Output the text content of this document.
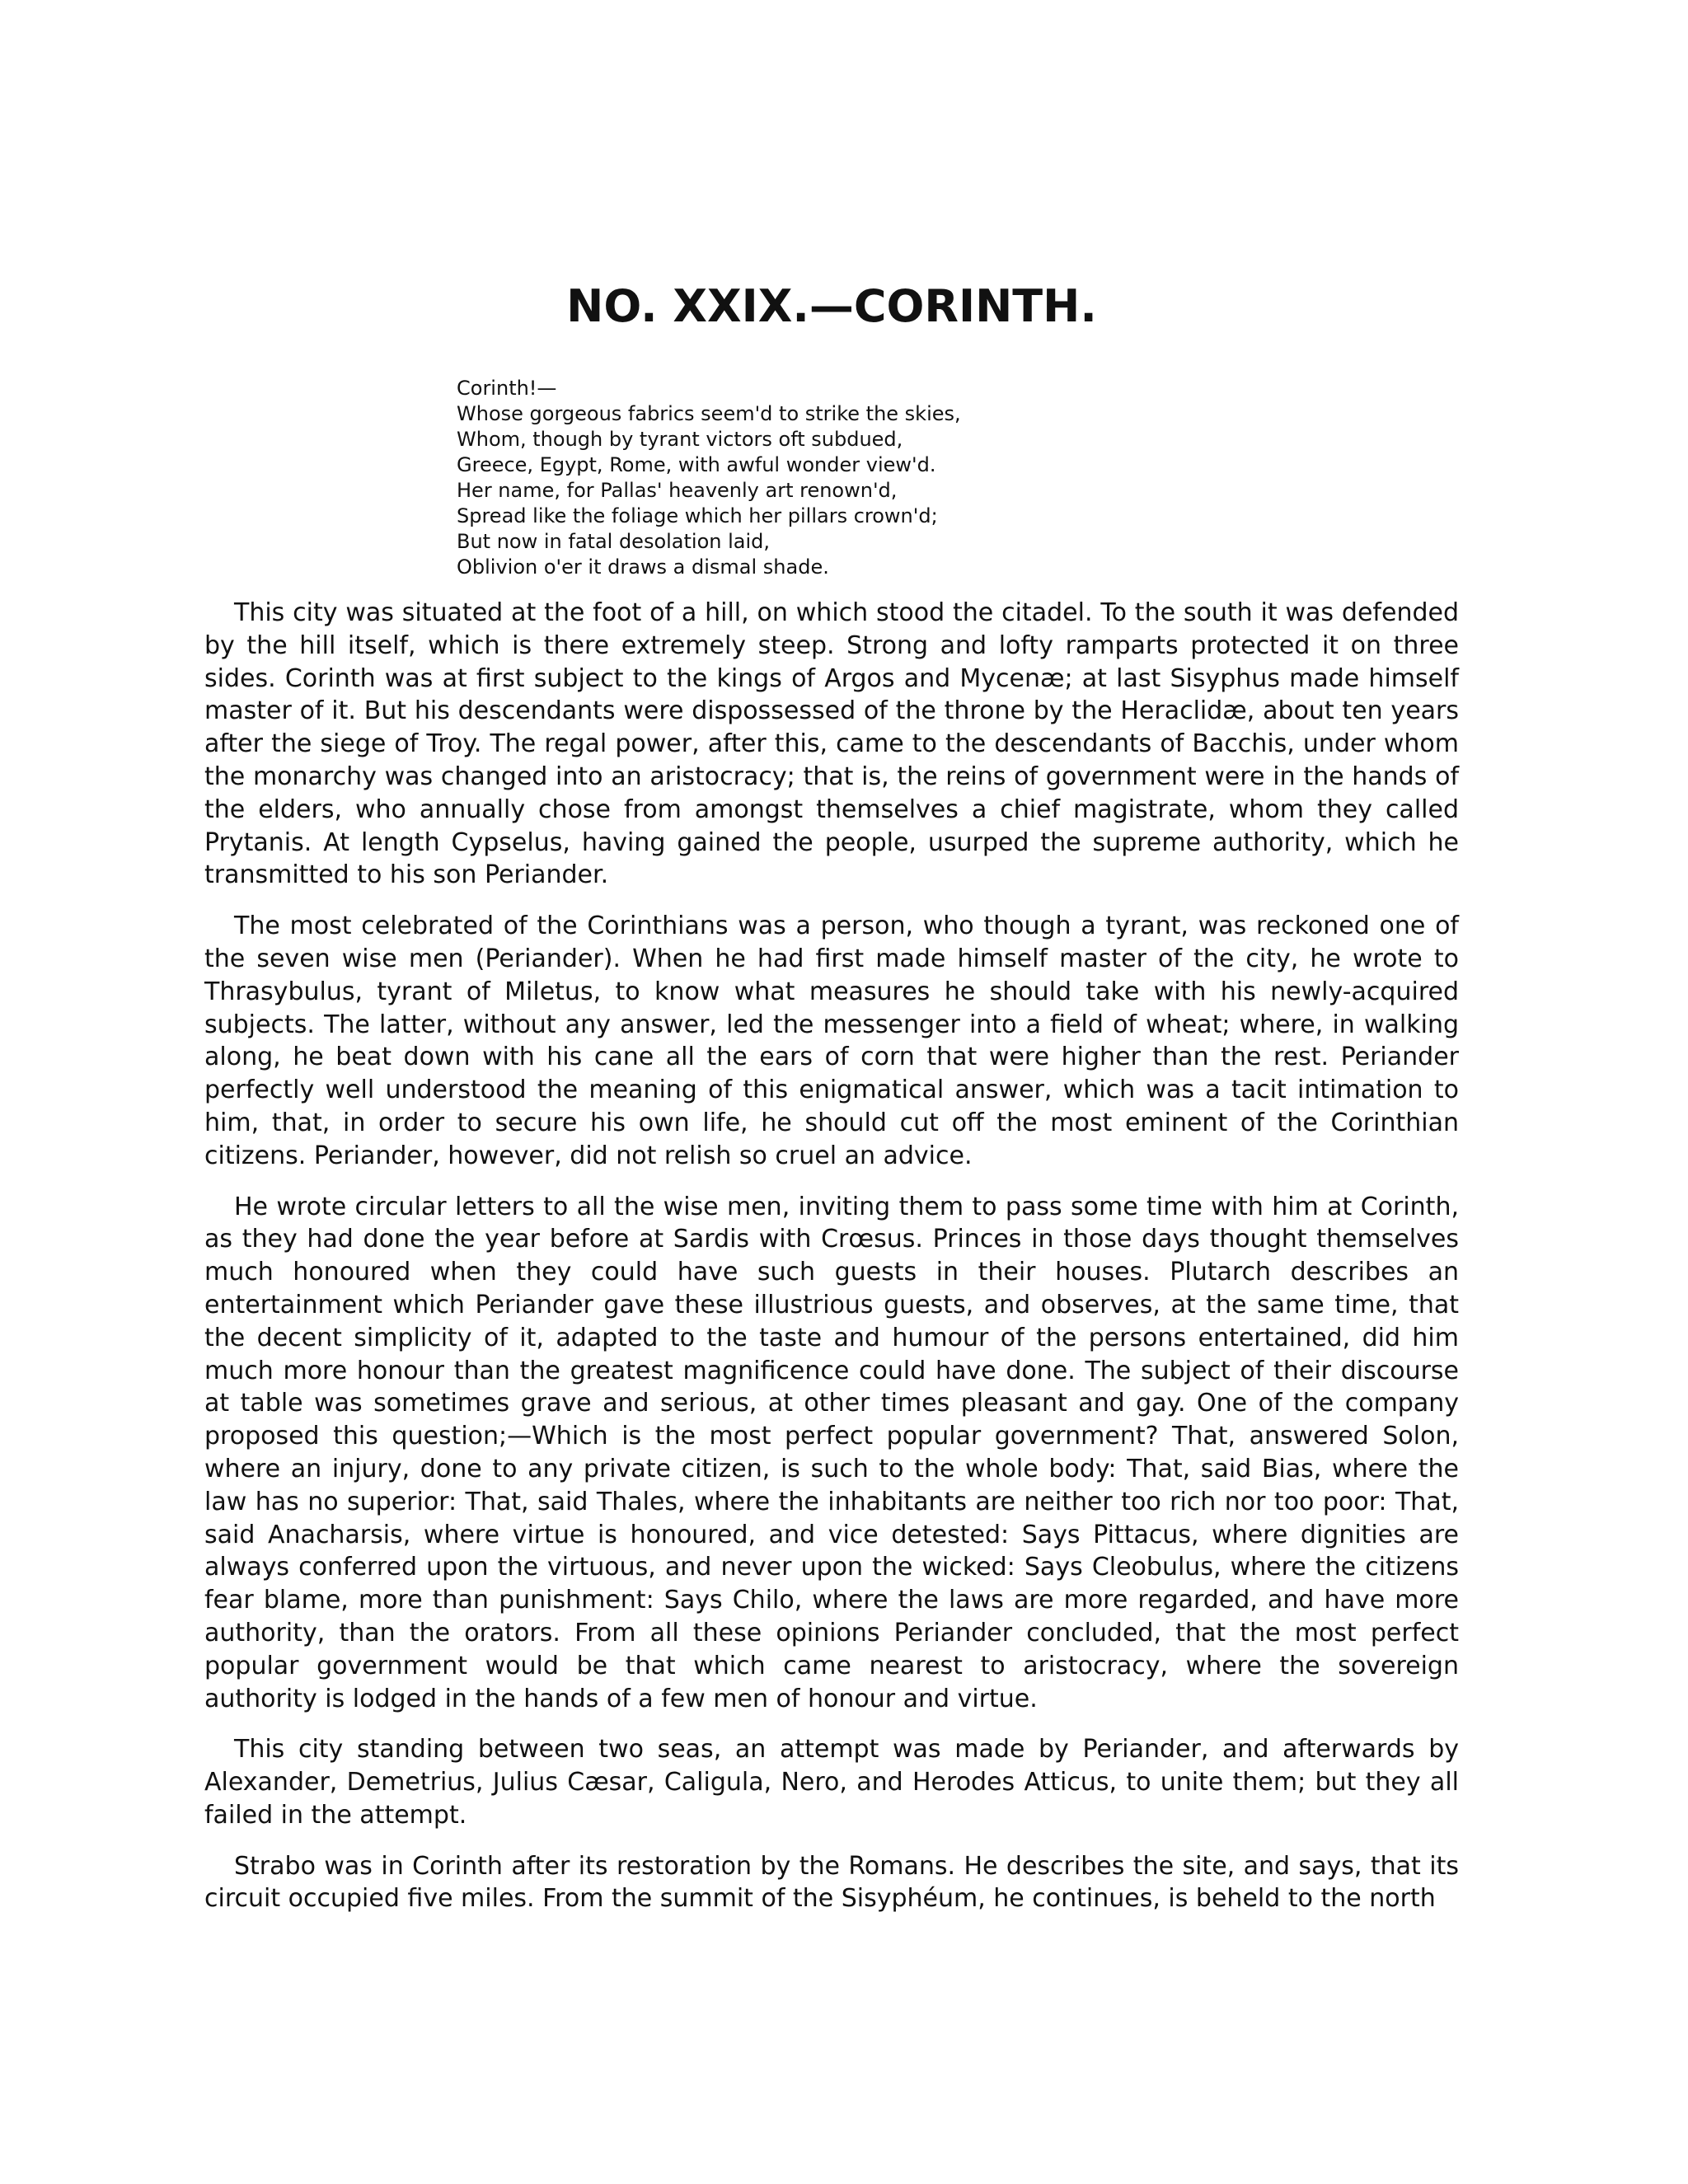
NO. XXIX.—CORINTH.
Corinth!—
Whose gorgeous fabrics seem'd to strike the skies,
Whom, though by tyrant victors oft subdued,
Greece, Egypt, Rome, with awful wonder view'd.
Her name, for Pallas' heavenly art renown'd,
Spread like the foliage which her pillars crown'd;
But now in fatal desolation laid,
Oblivion o'er it draws a dismal shade.

This city was situated at the foot of a hill, on which stood the citadel. To the south it was defended by the hill itself, which is there extremely steep. Strong and lofty ramparts protected it on three sides. Corinth was at first subject to the kings of Argos and Mycenæ; at last Sisyphus made himself master of it. But his descendants were dispossessed of the throne by the Heraclidæ, about ten years after the siege of Troy. The regal power, after this, came to the descendants of Bacchis, under whom the monarchy was changed into an aristocracy; that is, the reins of government were in the hands of the elders, who annually chose from amongst themselves a chief magistrate, whom they called Prytanis. At length Cypselus, having gained the people, usurped the supreme authority, which he transmitted to his son Periander.

The most celebrated of the Corinthians was a person, who though a tyrant, was reckoned one of the seven wise men (Periander). When he had first made himself master of the city, he wrote to Thrasybulus, tyrant of Miletus, to know what measures he should take with his newly-acquired subjects. The latter, without any answer, led the messenger into a field of wheat; where, in walking along, he beat down with his cane all the ears of corn that were higher than the rest. Periander perfectly well understood the meaning of this enigmatical answer, which was a tacit intimation to him, that, in order to secure his own life, he should cut off the most eminent of the Corinthian citizens. Periander, however, did not relish so cruel an advice.

He wrote circular letters to all the wise men, inviting them to pass some time with him at Corinth, as they had done the year before at Sardis with Crœsus. Princes in those days thought themselves much honoured when they could have such guests in their houses. Plutarch describes an entertainment which Periander gave these illustrious guests, and observes, at the same time, that the decent simplicity of it, adapted to the taste and humour of the persons entertained, did him much more honour than the greatest magnificence could have done. The subject of their discourse at table was sometimes grave and serious, at other times pleasant and gay. One of the company proposed this question;—Which is the most perfect popular government? That, answered Solon, where an injury, done to any private citizen, is such to the whole body: That, said Bias, where the law has no superior: That, said Thales, where the inhabitants are neither too rich nor too poor: That, said Anacharsis, where virtue is honoured, and vice detested: Says Pittacus, where dignities are always conferred upon the virtuous, and never upon the wicked: Says Cleobulus, where the citizens fear blame, more than punishment: Says Chilo, where the laws are more regarded, and have more authority, than the orators. From all these opinions Periander concluded, that the most perfect popular government would be that which came nearest to aristocracy, where the sovereign authority is lodged in the hands of a few men of honour and virtue.

This city standing between two seas, an attempt was made by Periander, and afterwards by Alexander, Demetrius, Julius Cæsar, Caligula, Nero, and Herodes Atticus, to unite them; but they all failed in the attempt.

Strabo was in Corinth after its restoration by the Romans. He describes the site, and says, that its circuit occupied five miles. From the summit of the Sisyphéum, he continues, is beheld to the north
